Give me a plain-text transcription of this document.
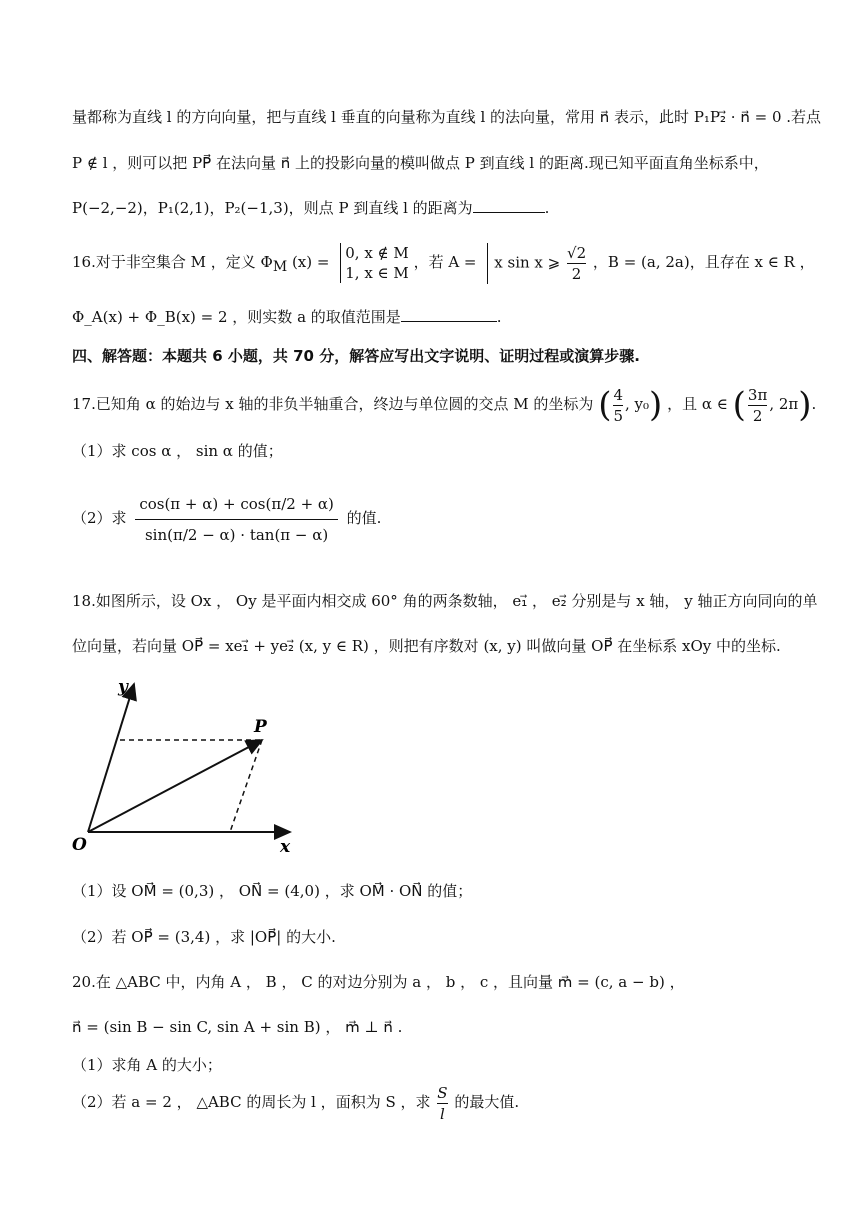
量都称为直线 l 的方向向量，把与直线 l 垂直的向量称为直线 l 的法向量，常用 n⃗ 表示，此时 P₁P₂⃗ · n⃗ = 0 .若点
P ∉ l ，则可以把 PP⃗ 在法向量 n⃗ 上的投影向量的模叫做点 P 到直线 l 的距离.现已知平面直角坐标系中，
P(−2,−2)，P₁(2,1)，P₂(−1,3)，则点 P 到直线 l 的距离为	.
16.对于非空集合 M ，定义 $\Phi_M$ (x) = 0, x ∉ M
1, x ∈ M
，若 A = x sin x ⩾ $\frac{√2}{2}$ ，B = (a, 2a)，且存在 x ∈ R ，
Φ_A(x) + Φ_B(x) = 2 ，则实数 a 的取值范围是	.
四、解答题：本题共 6 小题，共 70 分，解答应写出文字说明、证明过程或演算步骤.
17.已知角 α 的始边与 x 轴的非负半轴重合，终边与单位圆的交点 M 的坐标为 ( $\frac{4}{5}$ , y₀) ，且 α ∈ ( $\frac{3\pi}{2}$ , 2π).
（1）求 cos α ， sin α 的值；
（2）求 $\frac{\cos(\pi + \alpha) + \cos(\pi/2 + \alpha)}{\sin(\pi/2 - \alpha) \cdot \tan(\pi - \alpha)}$ 的值.
18.如图所示，设 Ox ， Oy 是平面内相交成 60° 角的两条数轴， e₁⃗ ， e₂⃗ 分别是与 x 轴， y 轴正方向同向的单
位向量，若向量 OP⃗ = xe₁⃗ + ye₂⃗ (x, y ∈ R) ，则把有序数对 (x, y) 叫做向量 OP⃗ 在坐标系 xOy 中的坐标.
y
x
O
P
（1）设 OM⃗ = (0,3) ， ON⃗ = (4,0) ，求 OM⃗ · ON⃗ 的值；
（2）若 OP⃗ = (3,4) ，求 |OP⃗| 的大小.
20.在 △ABC 中，内角 A ， B ， C 的对边分别为 a ， b ， c ，且向量 m⃗ = (c, a − b) ，
n⃗ = (sin B − sin C, sin A + sin B) ， m⃗ ⊥ n⃗ .
（1）求角 A 的大小；
（2）若 a = 2 ， △ABC 的周长为 l ，面积为 S ，求 $\frac{S}{l}$ 的最大值.
